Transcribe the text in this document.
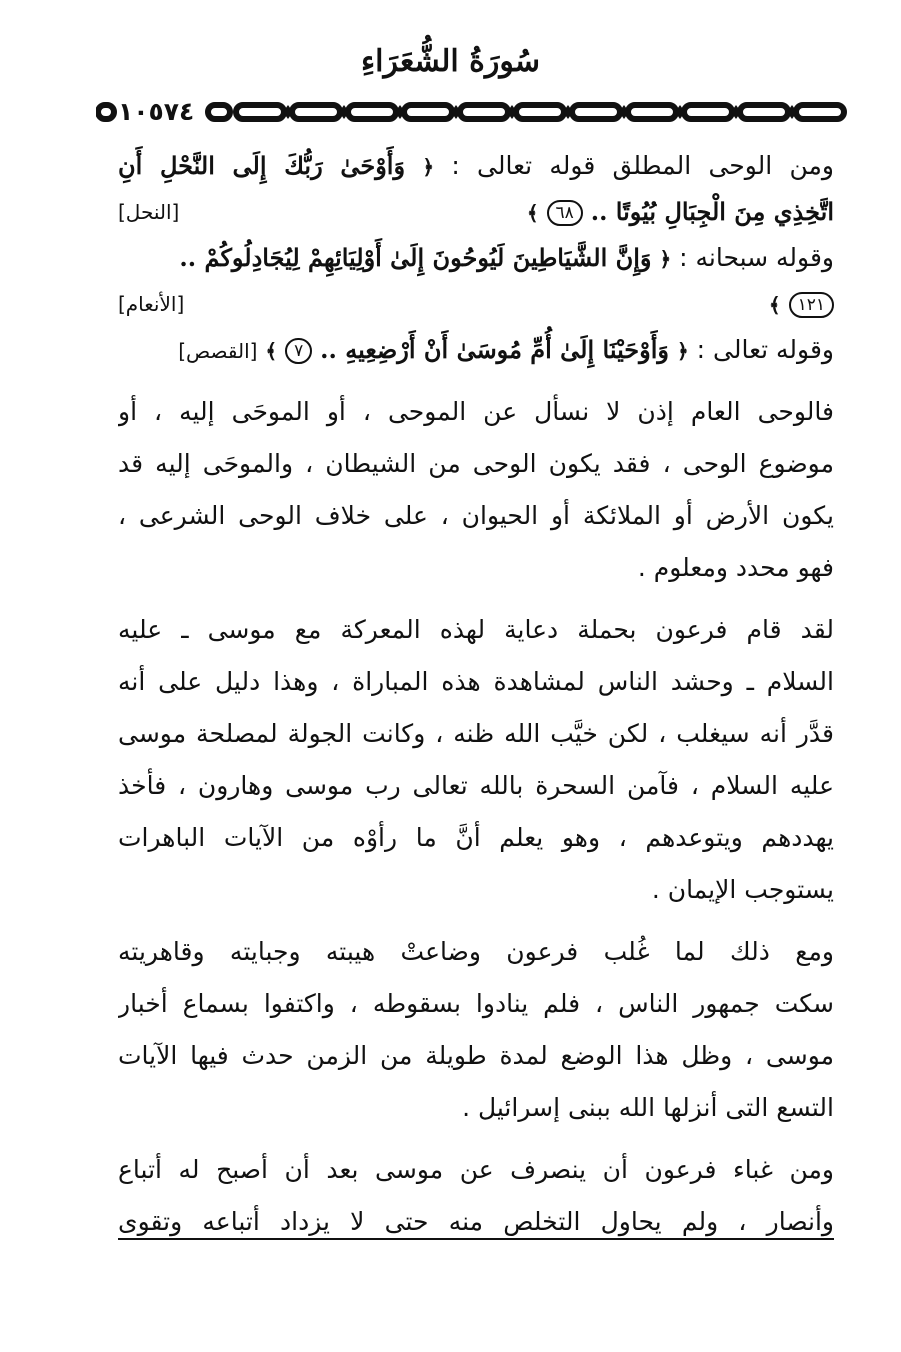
سُورَةُ الشُّعَرَاءِ
١٠٥٧٤
ومن الوحى المطلق قوله تعالى : ﴿ وَأَوْحَىٰ رَبُّكَ إِلَى النَّحْلِ أَنِ
اتَّخِذِي مِنَ الْجِبَالِ بُيُوتًا .. ٦٨ ﴾
[النحل]
وقوله سبحانه : ﴿ وَإِنَّ الشَّيَاطِينَ لَيُوحُونَ إِلَىٰ أَوْلِيَائِهِمْ لِيُجَادِلُوكُمْ ..
١٢١ ﴾
[الأنعام]
وقوله تعالى : ﴿ وَأَوْحَيْنَا إِلَىٰ أُمِّ مُوسَىٰ أَنْ أَرْضِعِيهِ .. ٧ ﴾ [القصص]
فالوحى العام إذن لا نسأل عن الموحى ، أو الموحَى إليه ، أو
موضوع الوحى ، فقد يكون الوحى من الشيطان ، والموحَى إليه قد
يكون الأرض أو الملائكة أو الحيوان ، على خلاف الوحى الشرعى ،
فهو محدد ومعلوم .
لقد قام فرعون بحملة دعاية لهذه المعركة مع موسى ـ عليه
السلام ـ وحشد الناس لمشاهدة هذه المباراة ، وهذا دليل على أنه
قدَّر أنه سيغلب ، لكن خيَّب الله ظنه ، وكانت الجولة لمصلحة موسى
عليه السلام ، فآمن السحرة بالله تعالى رب موسى وهارون ، فأخذ
يهددهم ويتوعدهم ، وهو يعلم أنَّ ما رأوْه من الآيات الباهرات
يستوجب الإيمان .
ومع ذلك لما غُلب فرعون وضاعتْ هيبته وجبايته وقاهريته
سكت جمهور الناس ، فلم ينادوا بسقوطه ، واكتفوا بسماع أخبار
موسى ، وظل هذا الوضع لمدة طويلة من الزمن حدث فيها الآيات
التسع التى أنزلها الله ببنى إسرائيل .
ومن غباء فرعون أن ينصرف عن موسى بعد أن أصبح له أتباع
وأنصار ، ولم يحاول التخلص منه حتى لا يزداد أتباعه وتقوى
